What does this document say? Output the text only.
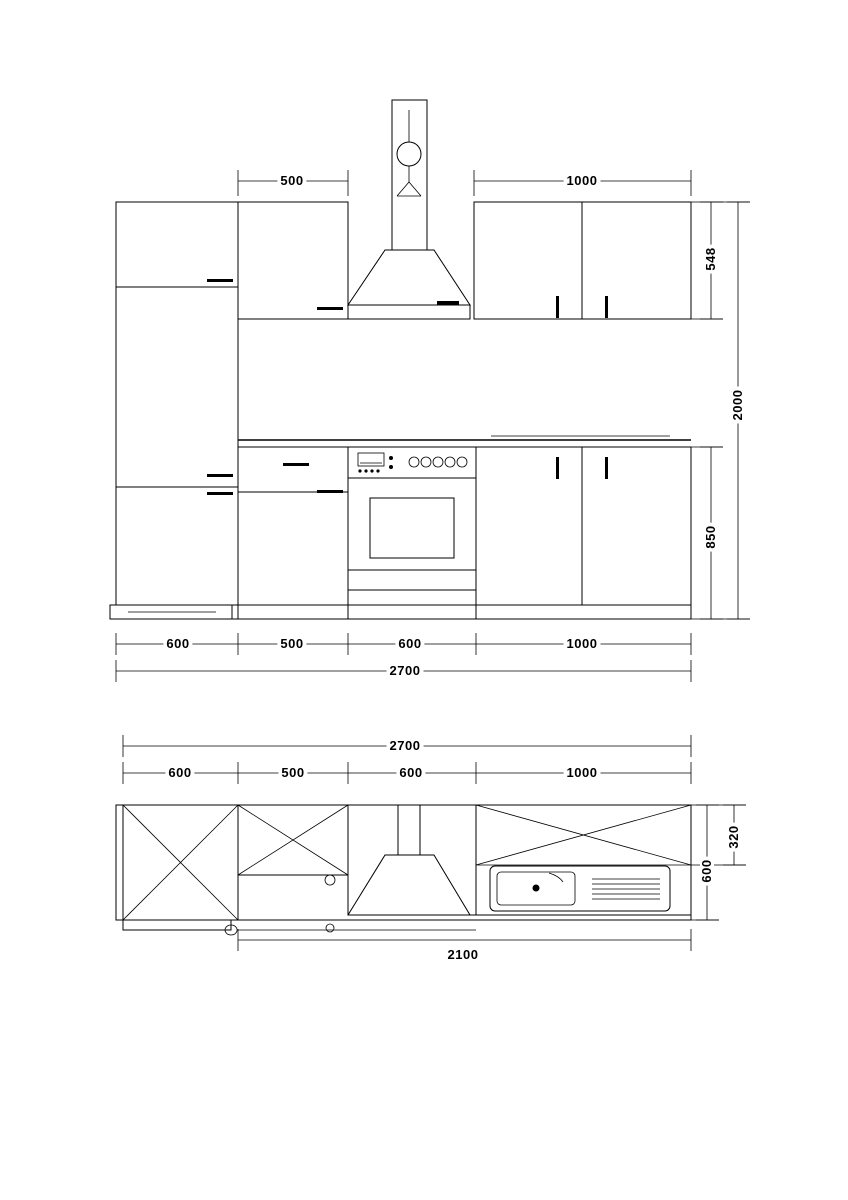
500	1000
548
2000
850
600	500	600	1000
2700
2700
600	500	600	1000
320
600
2100
